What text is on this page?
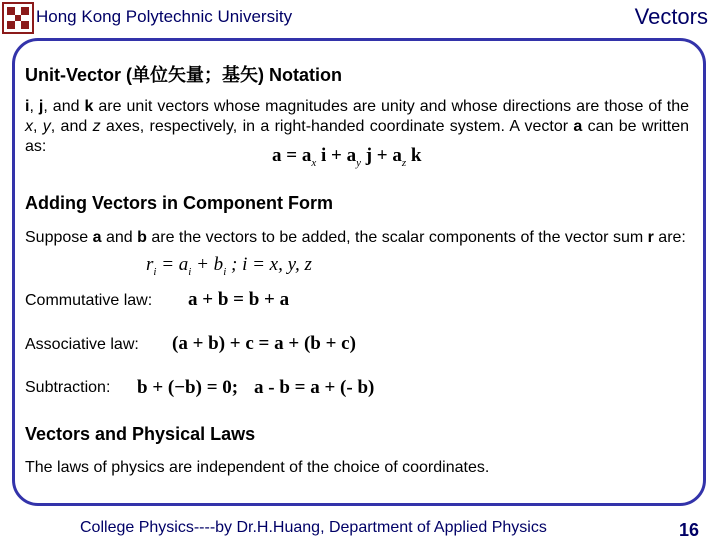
Hong Kong Polytechnic University	Vectors
Unit-Vector (单位矢量；基矢) Notation
i, j, and k are unit vectors whose magnitudes are unity and whose directions are those of the x, y, and z axes, respectively, in a right-handed coordinate system. A vector a can be written as:	$a = a_x$ $i + a_y$ $j + a_z$ k
Adding Vectors in Component Form
Suppose a and b are the vectors to be added, the scalar components of the vector sum r are:
$r_i = a_i + b_i$ ; i = x, y, z
Commutative law: a + b = b + a
Associative law: (a + b) + c = a + (b + c)
Subtraction: b + (−b) = 0; a - b = a + (- b)
Vectors and Physical Laws
The laws of physics are independent of the choice of coordinates.
College Physics----by Dr.H.Huang, Department of Applied Physics	16
